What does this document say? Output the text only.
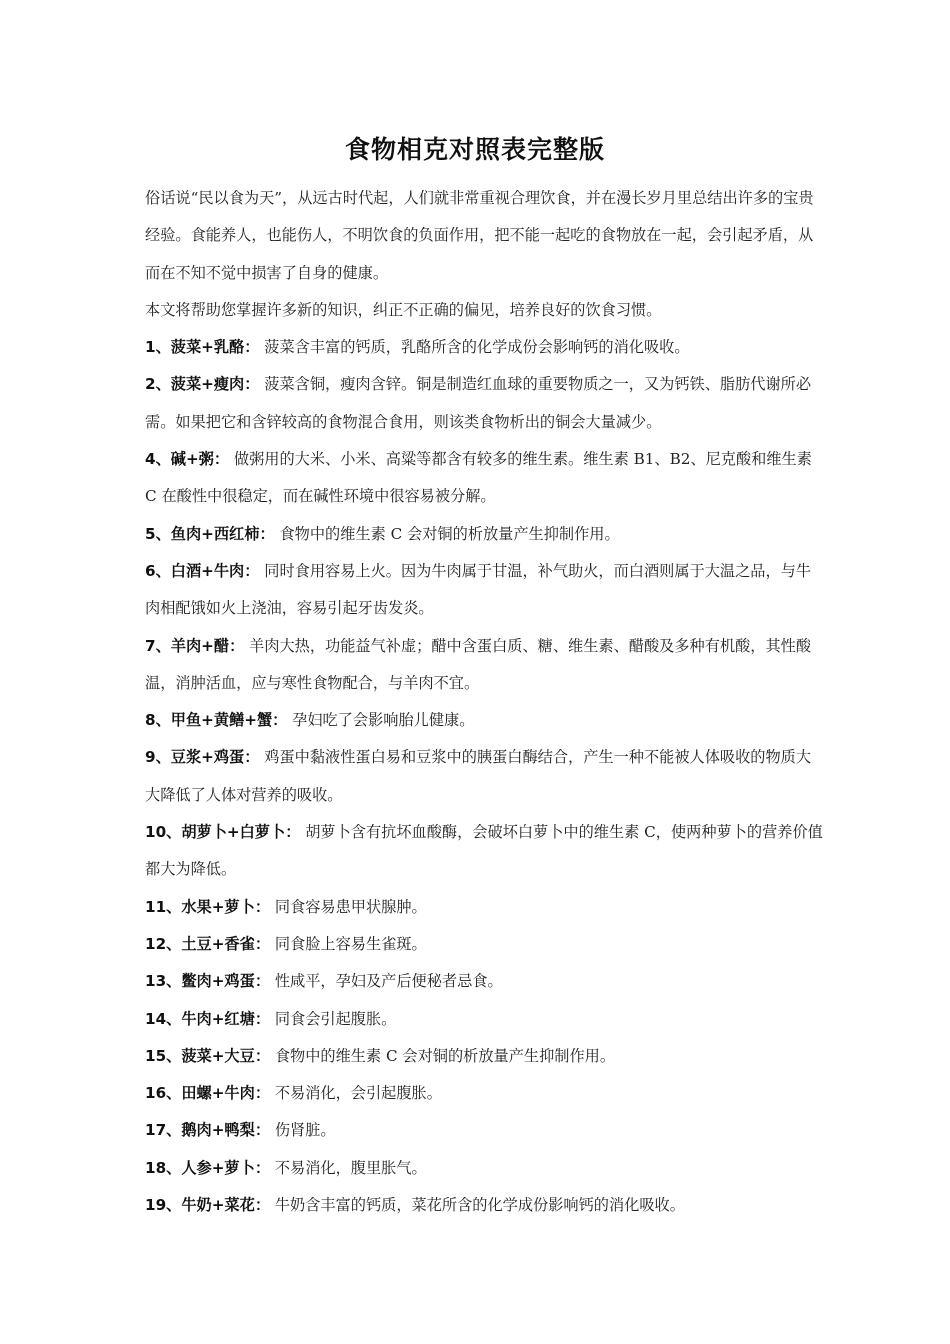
食物相克对照表完整版

俗话说“民以食为天”，从远古时代起，人们就非常重视合理饮食，并在漫长岁月里总结出许多的宝贵经验。食能养人，也能伤人，不明饮食的负面作用，把不能一起吃的食物放在一起，会引起矛盾，从而在不知不觉中损害了自身的健康。

本文将帮助您掌握许多新的知识，纠正不正确的偏见，培养良好的饮食习惯。

1、菠菜+乳酪： 菠菜含丰富的钙质，乳酪所含的化学成份会影响钙的消化吸收。

2、菠菜+瘦肉： 菠菜含铜，瘦肉含锌。铜是制造红血球的重要物质之一，又为钙铁、脂肪代谢所必需。如果把它和含锌较高的食物混合食用，则该类食物析出的铜会大量减少。

4、碱+粥： 做粥用的大米、小米、高粱等都含有较多的维生素。维生素 B1、B2、尼克酸和维生素 C 在酸性中很稳定，而在碱性环境中很容易被分解。

5、鱼肉+西红柿： 食物中的维生素 C 会对铜的析放量产生抑制作用。

6、白酒+牛肉： 同时食用容易上火。因为牛肉属于甘温，补气助火，而白酒则属于大温之品，与牛肉相配饿如火上浇油，容易引起牙齿发炎。

7、羊肉+醋： 羊肉大热，功能益气补虚；醋中含蛋白质、糖、维生素、醋酸及多种有机酸，其性酸温，消肿活血，应与寒性食物配合，与羊肉不宜。

8、甲鱼+黄鳝+蟹： 孕妇吃了会影响胎儿健康。

9、豆浆+鸡蛋： 鸡蛋中黏液性蛋白易和豆浆中的胰蛋白酶结合，产生一种不能被人体吸收的物质大大降低了人体对营养的吸收。

10、胡萝卜+白萝卜： 胡萝卜含有抗坏血酸酶，会破坏白萝卜中的维生素 C，使两种萝卜的营养价值都大为降低。

11、水果+萝卜： 同食容易患甲状腺肿。

12、土豆+香雀： 同食脸上容易生雀斑。

13、鳖肉+鸡蛋： 性咸平，孕妇及产后便秘者忌食。

14、牛肉+红塘： 同食会引起腹胀。

15、菠菜+大豆： 食物中的维生素 C 会对铜的析放量产生抑制作用。

16、田螺+牛肉： 不易消化，会引起腹胀。

17、鹅肉+鸭梨： 伤肾脏。

18、人参+萝卜： 不易消化，腹里胀气。

19、牛奶+菜花： 牛奶含丰富的钙质，菜花所含的化学成份影响钙的消化吸收。
